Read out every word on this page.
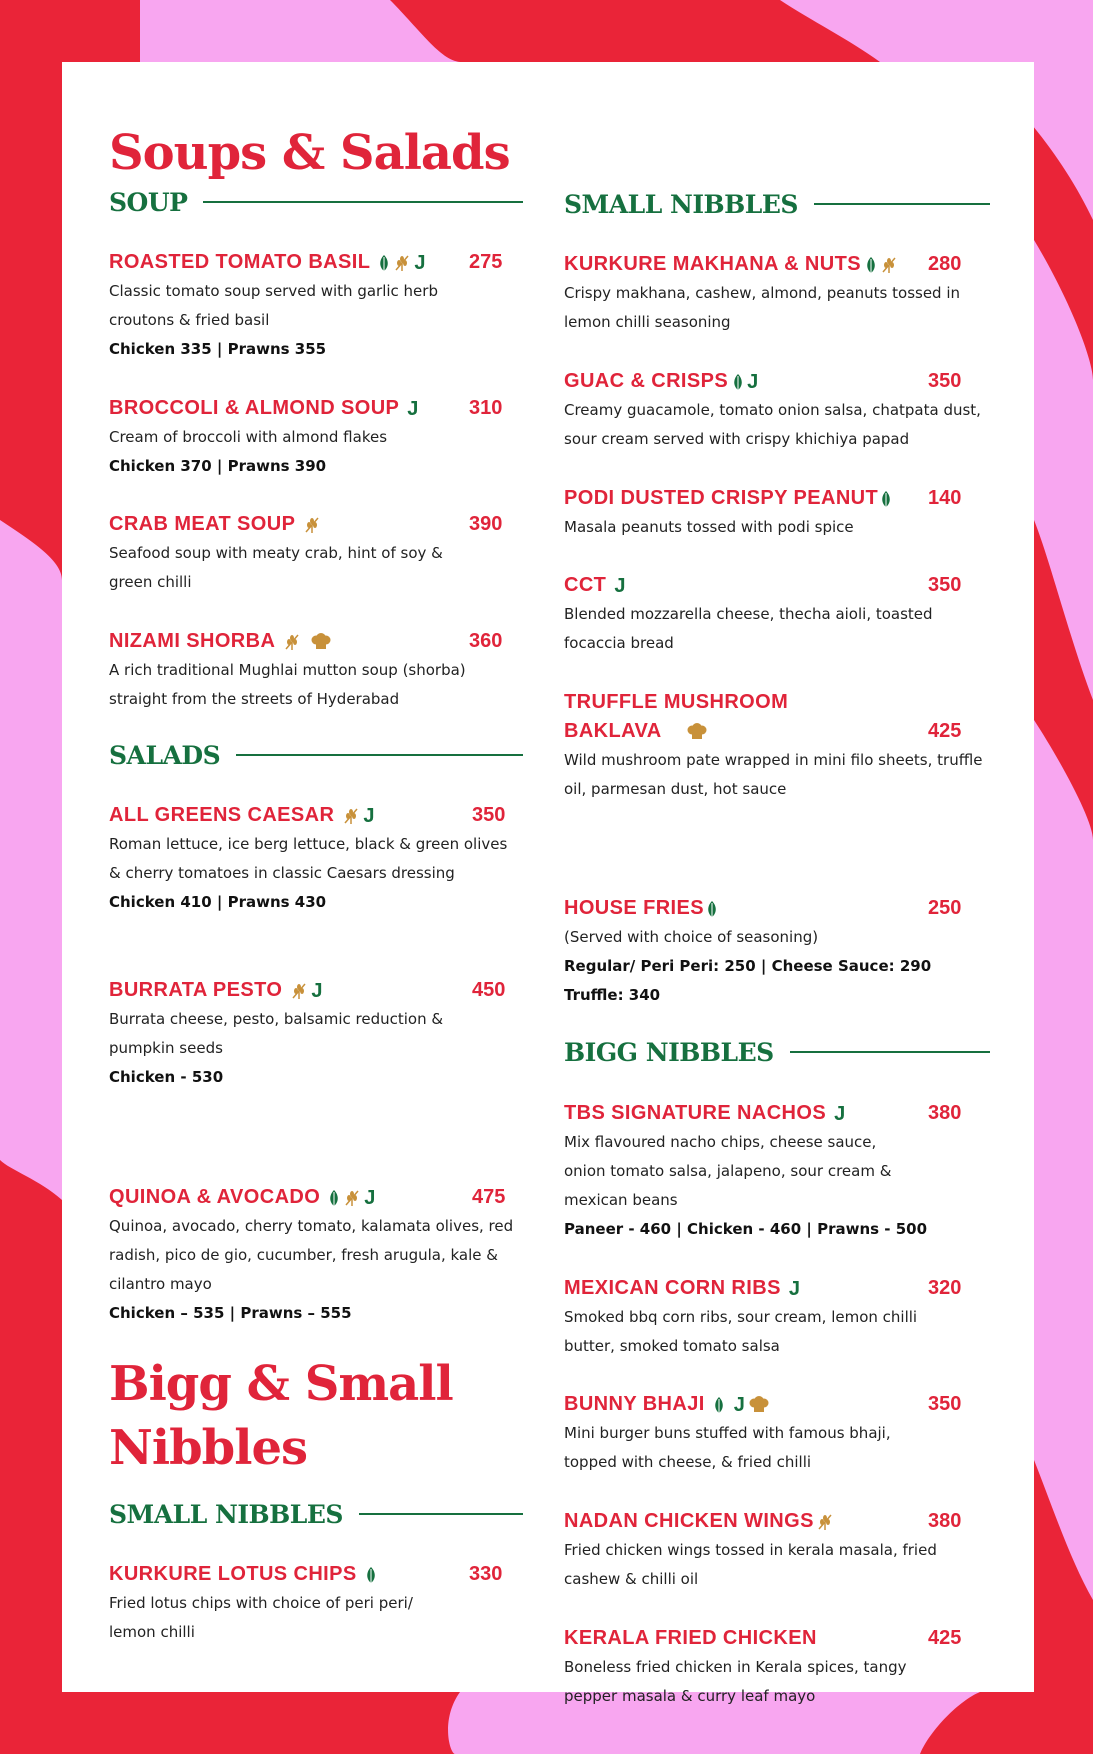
Soups & Salads
SOUP
ROASTED TOMATO BASIL J 275

Classic tomato soup served with garlic herb croutons & fried basil

Chicken 335 | Prawns 355

BROCCOLI & ALMOND SOUP J	310

Cream of broccoli with almond flakes

Chicken 370 | Prawns 390

CRAB MEAT SOUP	390

Seafood soup with meaty crab, hint of soy & green chilli

NIZAMI SHORBA	360

A rich traditional Mughlai mutton soup (shorba) straight from the streets of Hyderabad

SALADS
ALL GREENS CAESAR J	350

Roman lettuce, ice berg lettuce, black & green olives & cherry tomatoes in classic Caesars dressing

Chicken 410 | Prawns 430

BURRATA PESTO J	450

Burrata cheese, pesto, balsamic reduction & pumpkin seeds

Chicken - 530

QUINOA & AVOCADO J	475

Quinoa, avocado, cherry tomato, kalamata olives, red radish, pico de gio, cucumber, fresh arugula, kale & cilantro mayo

Chicken – 535 | Prawns – 555

Bigg & Small
Nibbles
SMALL NIBBLES
KURKURE LOTUS CHIPS	330

Fried lotus chips with choice of peri peri/ lemon chilli

SMALL NIBBLES
KURKURE MAKHANA & NUTS	280

Crispy makhana, cashew, almond, peanuts tossed in lemon chilli seasoning

GUAC & CRISPS J	350

Creamy guacamole, tomato onion salsa, chatpata dust, sour cream served with crispy khichiya papad

PODI DUSTED CRISPY PEANUT 140

Masala peanuts tossed with podi spice

CCT J	350

Blended mozzarella cheese, thecha aioli, toasted focaccia bread

TRUFFLE MUSHROOM BAKLAVA	425

Wild mushroom pate wrapped in mini filo sheets, truffle oil, parmesan dust, hot sauce

HOUSE FRIES	250

(Served with choice of seasoning)

Regular/ Peri Peri: 250 | Cheese Sauce: 290

Truffle: 340

BIGG NIBBLES
TBS SIGNATURE NACHOS J	380

Mix flavoured nacho chips, cheese sauce, onion tomato salsa, jalapeno, sour cream & mexican beans

Paneer - 460 | Chicken - 460 | Prawns - 500

MEXICAN CORN RIBS J	320

Smoked bbq corn ribs, sour cream, lemon chilli butter, smoked tomato salsa

BUNNY BHAJI J	350

Mini burger buns stuffed with famous bhaji, topped with cheese, & fried chilli

NADAN CHICKEN WINGS	380

Fried chicken wings tossed in kerala masala, fried cashew & chilli oil

KERALA FRIED CHICKEN	425

Boneless fried chicken in Kerala spices, tangy pepper masala & curry leaf mayo
